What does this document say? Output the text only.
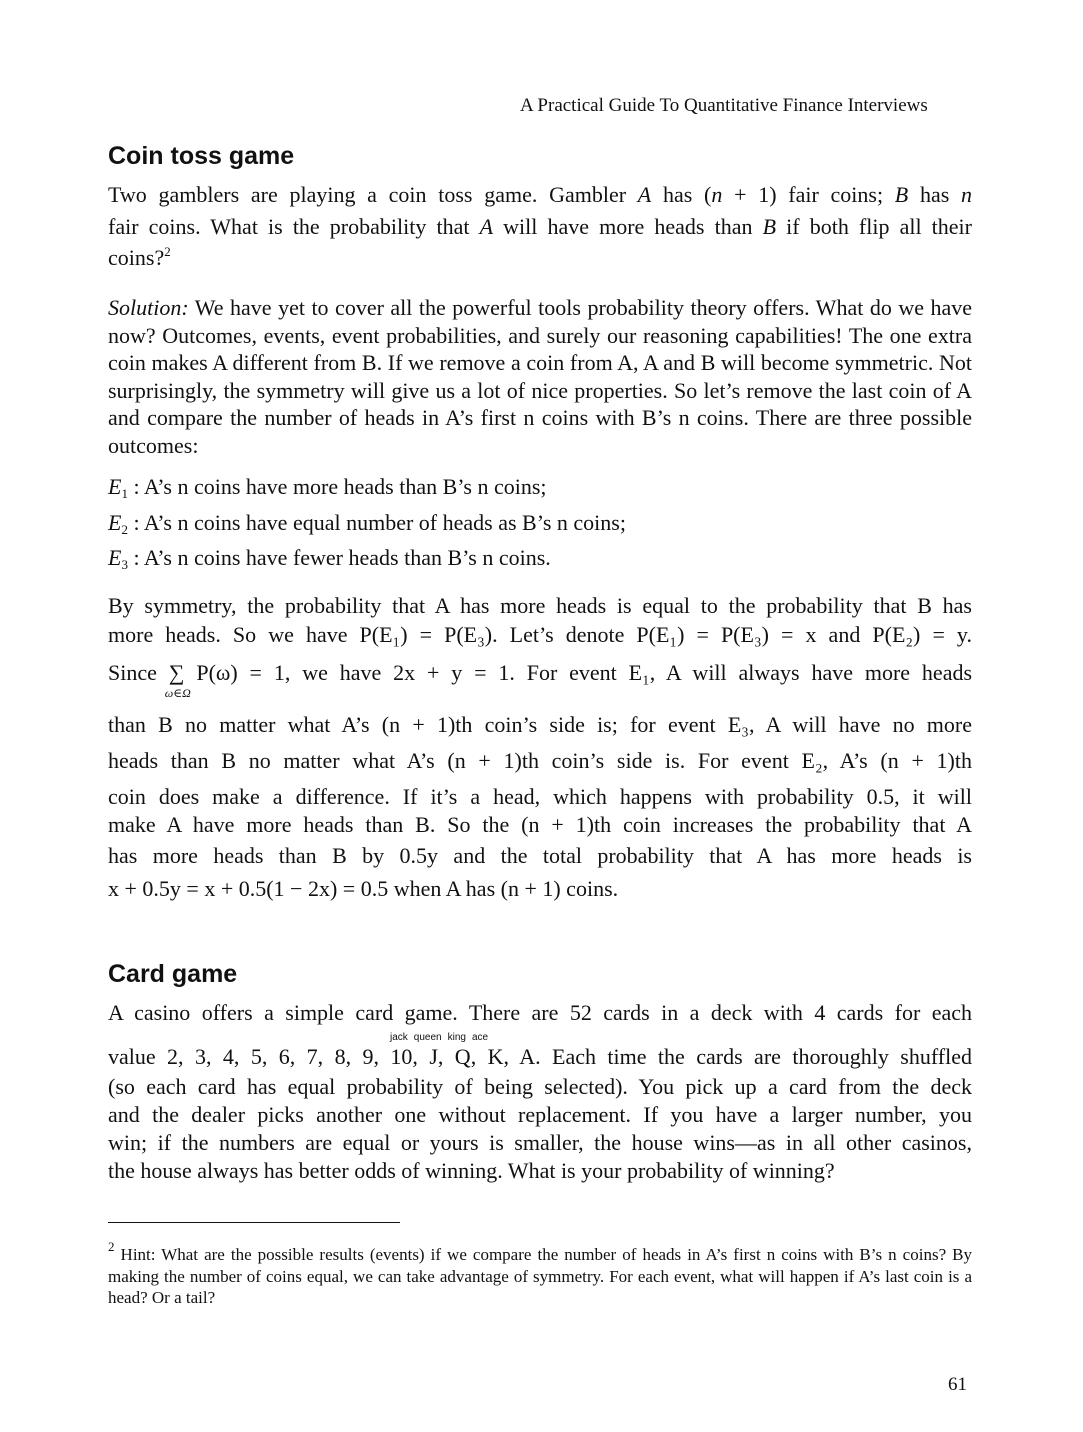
A Practical Guide To Quantitative Finance Interviews
Coin toss game
Two gamblers are playing a coin toss game. Gambler A has (n + 1) fair coins; B has n
fair coins. What is the probability that A will have more heads than B if both flip all their
coins?$^2$

Solution: We have yet to cover all the powerful tools probability theory offers. What do we have now? Outcomes, events, event probabilities, and surely our reasoning capabilities! The one extra coin makes A different from B. If we remove a coin from A, A and B will become symmetric. Not surprisingly, the symmetry will give us a lot of nice properties. So let’s remove the last coin of A and compare the number of heads in A’s first n coins with B’s n coins. There are three possible outcomes:

$E_1$ : A’s n coins have more heads than B’s n coins;
$E_2$ : A’s n coins have equal number of heads as B’s n coins;
$E_3$ : A’s n coins have fewer heads than B’s n coins.
By symmetry, the probability that A has more heads is equal to the probability that B has
more heads. So we have P(E₁) = P(E₃). Let’s denote P(E₁) = P(E₃) = x and P(E₂) = y.
Since ∑
ω∈Ω
P(ω) = 1, we have 2x + y = 1. For event E₁, A will always have more heads
than B no matter what A’s (n + 1)th coin’s side is; for event E₃, A will have no more
heads than B no matter what A’s (n + 1)th coin’s side is. For event E₂, A’s (n + 1)th
coin does make a difference. If it’s a head, which happens with probability 0.5, it will
make A have more heads than B. So the (n + 1)th coin increases the probability that A
has more heads than B by 0.5y and the total probability that A has more heads is
x + 0.5y = x + 0.5(1 − 2x) = 0.5 when A has (n + 1) coins.
Card game
A casino offers a simple card game. There are 52 cards in a deck with 4 cards for each
jack queen king ace
value 2, 3, 4, 5, 6, 7, 8, 9, 10, J, Q, K, A. Each time the cards are thoroughly shuffled
(so each card has equal probability of being selected). You pick up a card from the deck
and the dealer picks another one without replacement. If you have a larger number, you
win; if the numbers are equal or yours is smaller, the house wins—as in all other casinos,
the house always has better odds of winning. What is your probability of winning?
$^2$ Hint: What are the possible results (events) if we compare the number of heads in A’s first n coins with B’s n coins? By making the number of coins equal, we can take advantage of symmetry. For each event, what will happen if A’s last coin is a head? Or a tail?
61
